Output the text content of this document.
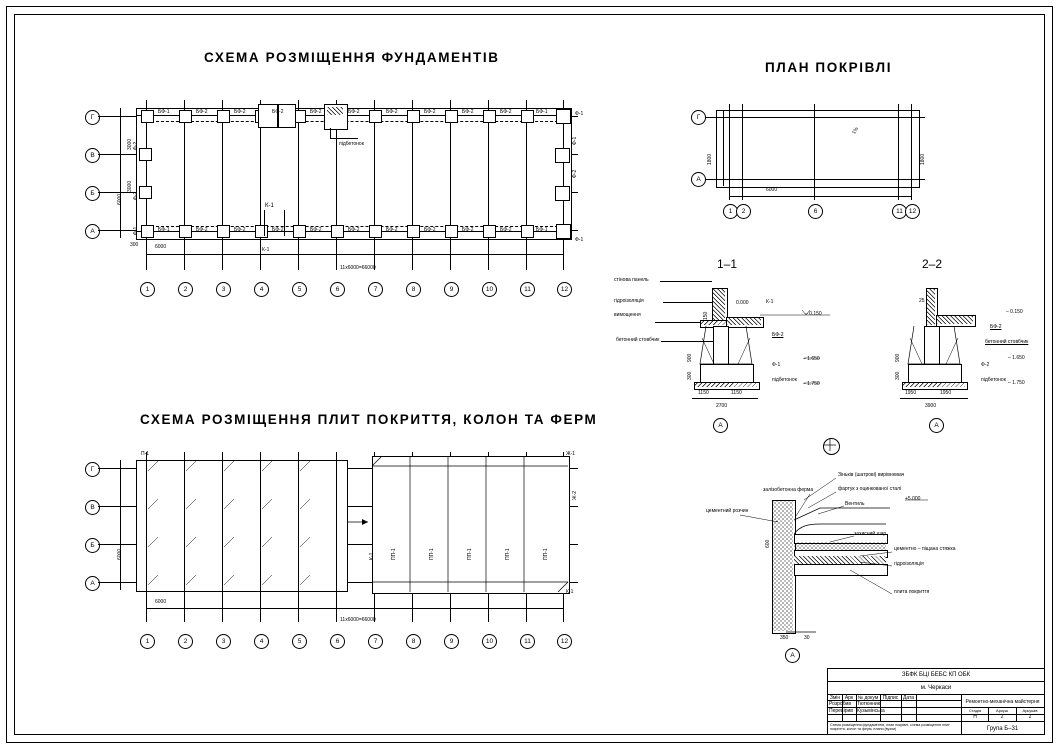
СХЕМА РОЗМІЩЕННЯ ФУНДАМЕНТІВ
ПЛАН ПОКРІВЛІ
СХЕМА РОЗМІЩЕННЯ ПЛИТ ПОКРИТТЯ, КОЛОН ТА ФЕРМ
1–1	2–2
Г
В
Б
А
БФ-1	БФ-2	БФ-2	БФ-2	БФ-2	БФ-2	БФ-2	БФ-2	БФ-2	БФ-2	БФ-1
БФ-1	БФ-2	БФ-2	БФ-2	БФ-2	БФ-2	БФ-2	БФ-2	БФ-2	БФ-2	БФ-1
Ф-2
Ф-2
Ф-1
Ф-1
Ф-2
Ф-1
Ф-1
підбетонок
К-1
К-1
6000
3000
3000
6000
11х6000=66000
300
1	2	3	4	5	6	7	8	9	10	11	12
Г
А
1%
6000
1800	1800
1	2	6	11 12
стінова панель
гідроізоляція
вимощення
бетонний стовбчик
К-1
БФ-2
Ф-1
підбетонок
0.000
– 0.150
– 1.650
– 1.750
1150	1150
2700
300
900
150
А
БФ-2
бетонний стовбчик
Ф-2
підбетонок
– 0.150
– 1.650
– 1.750
25
1950	1950
3900
300
900
А
Г
В
Б
А
ПП-1	ПП-1	ПП-1	ПП-1	ПП-1
П-1	Ж-1
Ж-2
К-1
К-1
6000
6000
11х6000=66000
1	2	3	4	5	6	7	8	9	10	11	12
цементний розчин
залізобетонна ферма
Зіньків (шатрові) вирівнювач
фартук з оцинкованої сталі
Вентиль
захисний шар
цементно – піщана стяжка
гідроізоляція
плита покриття
+5.000
350	30
600
А
ЗБФК БЦІ БЕБС КП ОБК
м. Черкаси
Змін Арк № докум Підпис Дата
Розробив Тютюнник
Перевірив Кузьмінська
Ремонтно-механічна майстерня
Стадія	Аркуш	Аркушів
Н	2	2
Схема розміщення фундаментів, план покрівлі, схема розміщення плит покриття, колон та ферм, плани (вузли)	Група Б–31
